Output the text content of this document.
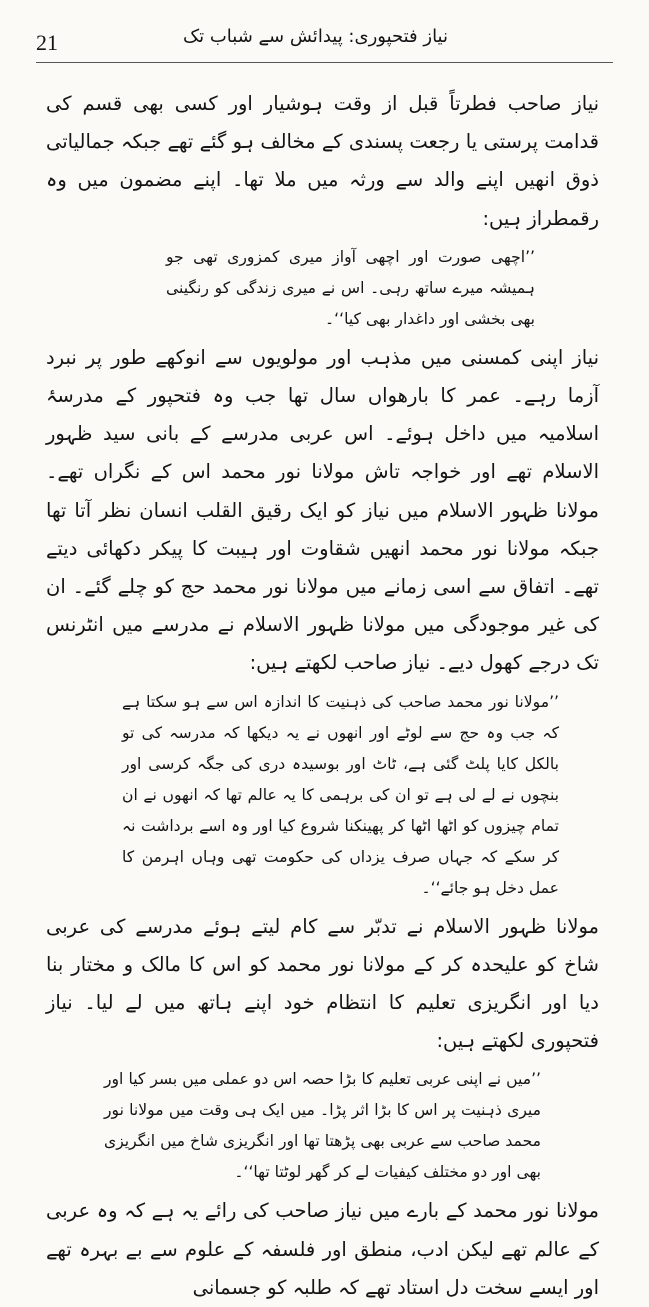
21	نیاز فتحپوری: پیدائش سے شباب تک

نیاز صاحب فطرتاً قبل از وقت ہوشیار اور کسی بھی قسم کی قدامت پرستی یا رجعت پسندی کے مخالف ہو گئے تھے جبکہ جمالیاتی ذوق انھیں اپنے والد سے ورثہ میں ملا تھا۔ اپنے مضمون میں وہ رقمطراز ہیں:

’’اچھی صورت اور اچھی آواز میری کمزوری تھی جو ہمیشہ میرے ساتھ رہی۔ اس نے میری زندگی کو رنگینی بھی بخشی اور داغدار بھی کیا‘‘۔

نیاز اپنی کمسنی میں مذہب اور مولویوں سے انوکھے طور پر نبرد آزما رہے۔ عمر کا بارھواں سال تھا جب وہ فتحپور کے مدرسۂ اسلامیہ میں داخل ہوئے۔ اس عربی مدرسے کے بانی سید ظہور الاسلام تھے اور خواجہ تاش مولانا نور محمد اس کے نگراں تھے۔ مولانا ظہور الاسلام میں نیاز کو ایک رقیق القلب انسان نظر آتا تھا جبکہ مولانا نور محمد انھیں شقاوت اور ہیبت کا پیکر دکھائی دیتے تھے۔ اتفاق سے اسی زمانے میں مولانا نور محمد حج کو چلے گئے۔ ان کی غیر موجودگی میں مولانا ظہور الاسلام نے مدرسے میں انٹرنس تک درجے کھول دیے۔ نیاز صاحب لکھتے ہیں:

’’مولانا نور محمد صاحب کی ذہنیت کا اندازہ اس سے ہو سکتا ہے کہ جب وہ حج سے لوٹے اور انھوں نے یہ دیکھا کہ مدرسہ کی تو بالکل کایا پلٹ گئی ہے، ٹاٹ اور بوسیدہ دری کی جگہ کرسی اور بنچوں نے لے لی ہے تو ان کی برہمی کا یہ عالم تھا کہ انھوں نے ان تمام چیزوں کو اٹھا اٹھا کر پھینکنا شروع کیا اور وہ اسے برداشت نہ کر سکے کہ جہاں صرف یزداں کی حکومت تھی وہاں اہرمن کا عمل دخل ہو جائے‘‘۔

مولانا ظہور الاسلام نے تدبّر سے کام لیتے ہوئے مدرسے کی عربی شاخ کو علیحدہ کر کے مولانا نور محمد کو اس کا مالک و مختار بنا دیا اور انگریزی تعلیم کا انتظام خود اپنے ہاتھ میں لے لیا۔ نیاز فتحپوری لکھتے ہیں:

’’میں نے اپنی عربی تعلیم کا بڑا حصہ اس دو عملی میں بسر کیا اور میری ذہنیت پر اس کا بڑا اثر پڑا۔ میں ایک ہی وقت میں مولانا نور محمد صاحب سے عربی بھی پڑھتا تھا اور انگریزی شاخ میں انگریزی بھی اور دو مختلف کیفیات لے کر گھر لوٹتا تھا‘‘۔

مولانا نور محمد کے بارے میں نیاز صاحب کی رائے یہ ہے کہ وہ عربی کے عالم تھے لیکن ادب، منطق اور فلسفہ کے علوم سے بے بہرہ تھے اور ایسے سخت دل استاد تھے کہ طلبہ کو جسمانی
